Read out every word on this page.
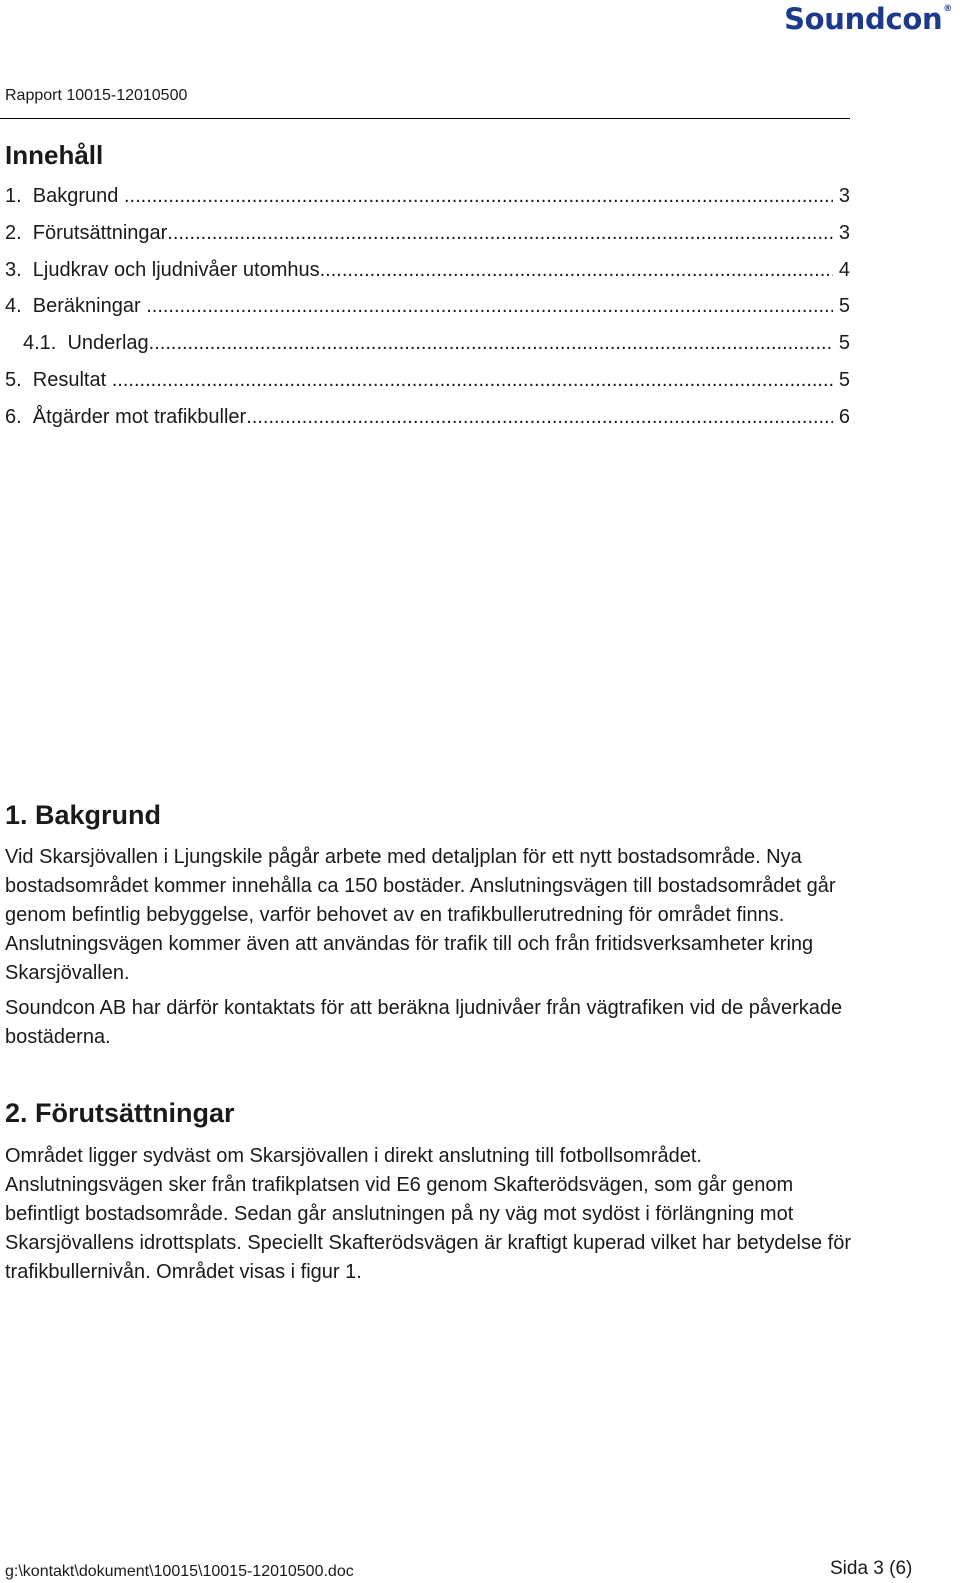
Soundcon®
Rapport 10015-12010500
Innehåll
1. Bakgrund .....	3
2. Förutsättningar .....	3
3. Ljudkrav och ljudnivåer utomhus .....	4
4. Beräkningar .....	5
4.1. Underlag .....	5
5. Resultat .....	5
6. Åtgärder mot trafikbuller .....	6
1. Bakgrund

Vid Skarsjövallen i Ljungskile pågår arbete med detaljplan för ett nytt bostadsområde. Nya bostadsområdet kommer innehålla ca 150 bostäder. Anslutningsvägen till bostadsområdet går genom befintlig bebyggelse, varför behovet av en trafikbullerutredning för området finns. Anslutningsvägen kommer även att användas för trafik till och från fritidsverksamheter kring Skarsjövallen.

Soundcon AB har därför kontaktats för att beräkna ljudnivåer från vägtrafiken vid de påverkade bostäderna.

2. Förutsättningar

Området ligger sydväst om Skarsjövallen i direkt anslutning till fotbollsområdet. Anslutningsvägen sker från trafikplatsen vid E6 genom Skafterödsvägen, som går genom befintligt bostadsområde. Sedan går anslutningen på ny väg mot sydöst i förlängning mot Skarsjövallens idrottsplats. Speciellt Skafterödsvägen är kraftigt kuperad vilket har betydelse för trafikbullernivån. Området visas i figur 1.

g:\kontakt\dokument\10015\10015-12010500.doc	Sida 3 (6)
